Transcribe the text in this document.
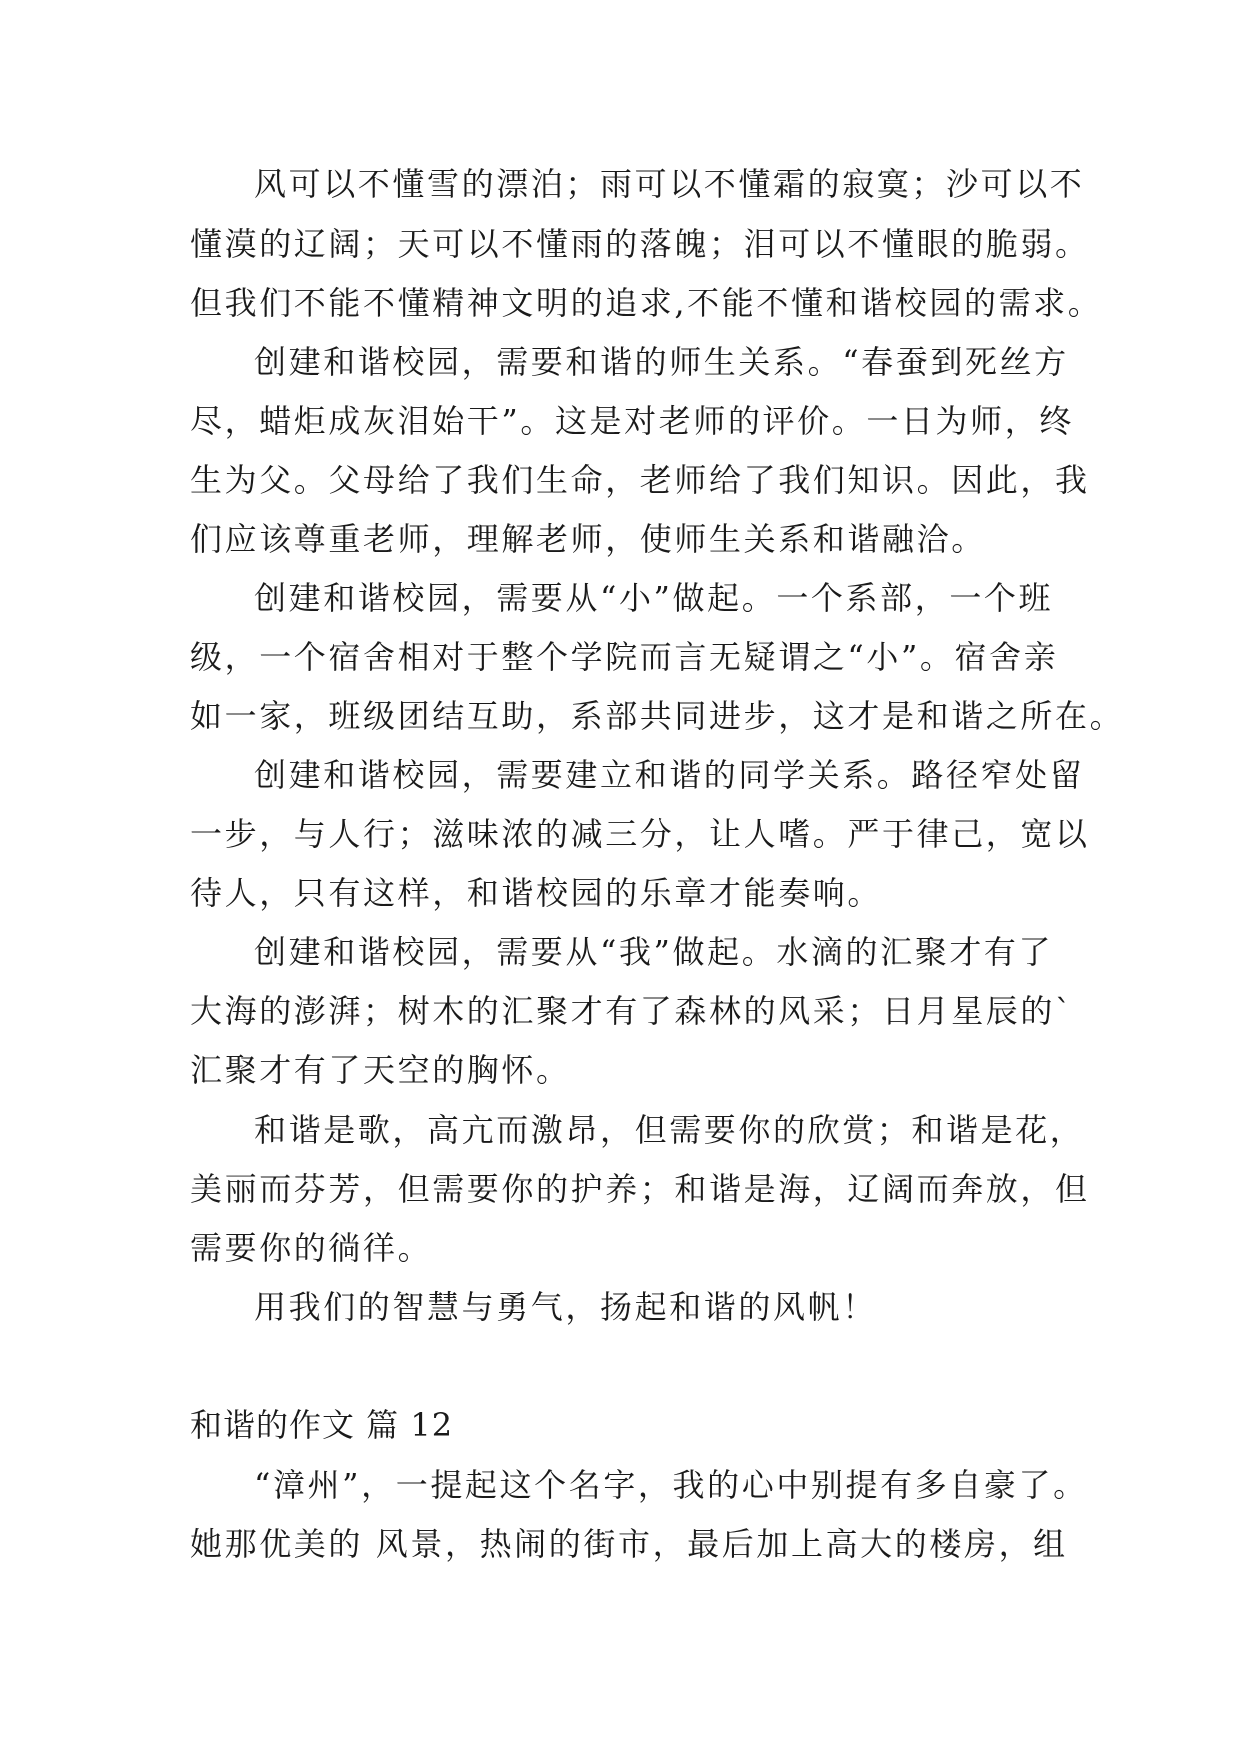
风可以不懂雪的漂泊；雨可以不懂霜的寂寞；沙可以不
懂漠的辽阔；天可以不懂雨的落魄；泪可以不懂眼的脆弱。
但我们不能不懂精神文明的追求,不能不懂和谐校园的需求。
创建和谐校园，需要和谐的师生关系。“春蚕到死丝方
尽，蜡炬成灰泪始干”。这是对老师的评价。一日为师，终
生为父。父母给了我们生命，老师给了我们知识。因此，我
们应该尊重老师，理解老师，使师生关系和谐融洽。
创建和谐校园，需要从“小”做起。一个系部，一个班
级，一个宿舍相对于整个学院而言无疑谓之“小”。宿舍亲
如一家，班级团结互助，系部共同进步，这才是和谐之所在。
创建和谐校园，需要建立和谐的同学关系。路径窄处留
一步，与人行；滋味浓的减三分，让人嗜。严于律己，宽以
待人，只有这样，和谐校园的乐章才能奏响。
创建和谐校园，需要从“我”做起。水滴的汇聚才有了
大海的澎湃；树木的汇聚才有了森林的风采；日月星辰的`
汇聚才有了天空的胸怀。
和谐是歌，高亢而激昂，但需要你的欣赏；和谐是花，
美丽而芬芳，但需要你的护养；和谐是海，辽阔而奔放，但
需要你的徜徉。
用我们的智慧与勇气，扬起和谐的风帆！
和谐的作文 篇 12
“漳州”，一提起这个名字，我的心中别提有多自豪了。
她那优美的 风景，热闹的街市，最后加上高大的楼房，组
